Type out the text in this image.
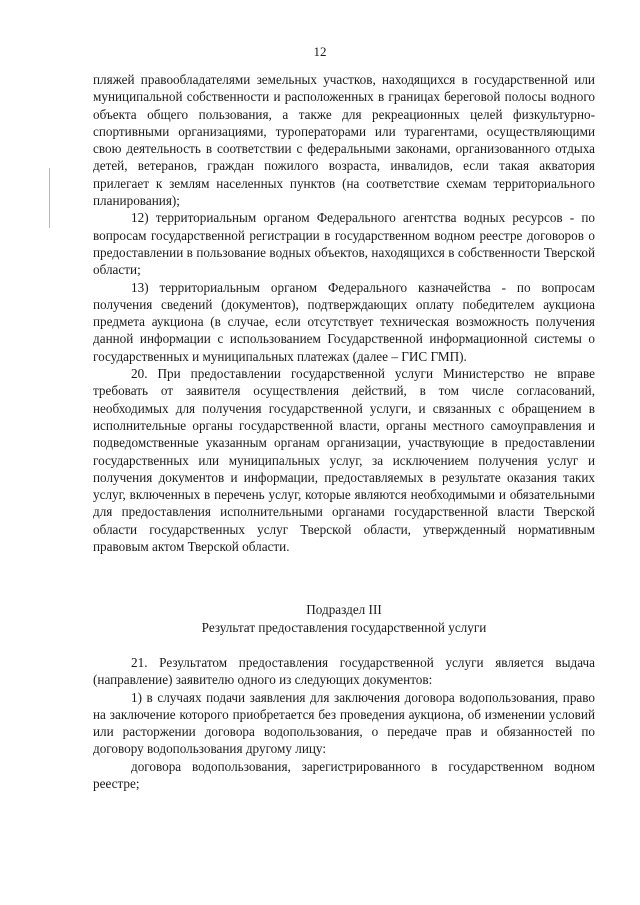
12

пляжей правообладателями земельных участков, находящихся в государственной или муниципальной собственности и расположенных в границах береговой полосы водного объекта общего пользования, а также для рекреационных целей физкультурно-спортивными организациями, туроператорами или турагентами, осуществляющими свою деятельность в соответствии с федеральными законами, организованного отдыха детей, ветеранов, граждан пожилого возраста, инвалидов, если такая акватория прилегает к землям населенных пунктов (на соответствие схемам территориального планирования);

12) территориальным органом Федерального агентства водных ресурсов - по вопросам государственной регистрации в государственном водном реестре договоров о предоставлении в пользование водных объектов, находящихся в собственности Тверской области;

13) территориальным органом Федерального казначейства - по вопросам получения сведений (документов), подтверждающих оплату победителем аукциона предмета аукциона (в случае, если отсутствует техническая возможность получения данной информации с использованием Государственной информационной системы о государственных и муниципальных платежах (далее – ГИС ГМП).

20. При предоставлении государственной услуги Министерство не вправе требовать от заявителя осуществления действий, в том числе согласований, необходимых для получения государственной услуги, и связанных с обращением в исполнительные органы государственной власти, органы местного самоуправления и подведомственные указанным органам организации, участвующие в предоставлении государственных или муниципальных услуг, за исключением получения услуг и получения документов и информации, предоставляемых в результате оказания таких услуг, включенных в перечень услуг, которые являются необходимыми и обязательными для предоставления исполнительными органами государственной власти Тверской области государственных услуг Тверской области, утвержденный нормативным правовым актом Тверской области.

Подраздел III
Результат предоставления государственной услуги

21. Результатом предоставления государственной услуги является выдача (направление) заявителю одного из следующих документов:

1) в случаях подачи заявления для заключения договора водопользования, право на заключение которого приобретается без проведения аукциона, об изменении условий или расторжении договора водопользования, о передаче прав и обязанностей по договору водопользования другому лицу:

договора водопользования, зарегистрированного в государственном водном реестре;
